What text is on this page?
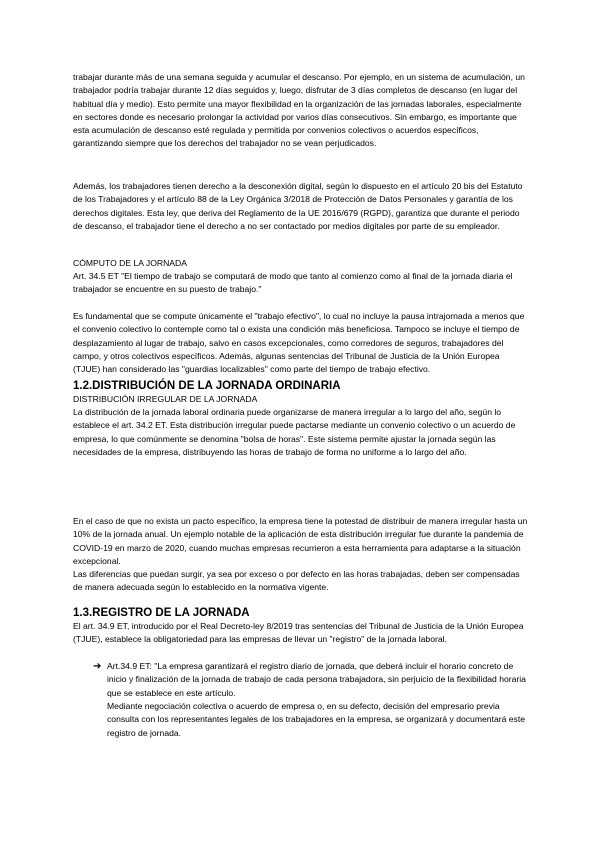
trabajar durante más de una semana seguida y acumular el descanso. Por ejemplo, en un sistema de acumulación, un trabajador podría trabajar durante 12 días seguidos y, luego, disfrutar de 3 días completos de descanso (en lugar del habitual día y medio). Esto permite una mayor flexibilidad en la organización de las jornadas laborales, especialmente en sectores donde es necesario prolongar la actividad por varios días consecutivos. Sin embargo, es importante que esta acumulación de descanso esté regulada y permitida por convenios colectivos o acuerdos específicos, garantizando siempre que los derechos del trabajador no se vean perjudicados.

Además, los trabajadores tienen derecho a la desconexión digital, según lo dispuesto en el artículo 20 bis del Estatuto de los Trabajadores y el artículo 88 de la Ley Orgánica 3/2018 de Protección de Datos Personales y garantía de los derechos digitales. Esta ley, que deriva del Reglamento de la UE 2016/679 (RGPD), garantiza que durante el periodo de descanso, el trabajador tiene el derecho a no ser contactado por medios digitales por parte de su empleador.

CÓMPUTO DE LA JORNADA

Art. 34.5 ET "El tiempo de trabajo se computará de modo que tanto al comienzo como al final de la jornada diaria el trabajador se encuentre en su puesto de trabajo."

Es fundamental que se compute únicamente el "trabajo efectivo", lo cual no incluye la pausa intrajornada a menos que el convenio colectivo lo contemple como tal o exista una condición más beneficiosa. Tampoco se incluye el tiempo de desplazamiento al lugar de trabajo, salvo en casos excepcionales, como corredores de seguros, trabajadores del campo, y otros colectivos específicos. Además, algunas sentencias del Tribunal de Justicia de la Unión Europea (TJUE) han considerado las "guardias localizables" como parte del tiempo de trabajo efectivo.

1.2.DISTRIBUCIÓN DE LA JORNADA ORDINARIA

DISTRIBUCIÓN IRREGULAR DE LA JORNADA

La distribución de la jornada laboral ordinaria puede organizarse de manera irregular a lo largo del año, según lo establece el art. 34.2 ET. Esta distribución irregular puede pactarse mediante un convenio colectivo o un acuerdo de empresa, lo que comúnmente se denomina "bolsa de horas". Este sistema permite ajustar la jornada según las necesidades de la empresa, distribuyendo las horas de trabajo de forma no uniforme a lo largo del año.

En el caso de que no exista un pacto específico, la empresa tiene la potestad de distribuir de manera irregular hasta un 10% de la jornada anual. Un ejemplo notable de la aplicación de esta distribución irregular fue durante la pandemia de COVID-19 en marzo de 2020, cuando muchas empresas recurrieron a esta herramienta para adaptarse a la situación excepcional.

Las diferencias que puedan surgir, ya sea por exceso o por defecto en las horas trabajadas, deben ser compensadas de manera adecuada según lo establecido en la normativa vigente.

1.3.REGISTRO DE LA JORNADA

El art. 34.9 ET, introducido por el Real Decreto-ley 8/2019 tras sentencias del Tribunal de Justicia de la Unión Europea (TJUE), establece la obligatoriedad para las empresas de llevar un "registro" de la jornada laboral.

➔ Art.34.9 ET: "La empresa garantizará el registro diario de jornada, que deberá incluir el horario concreto de inicio y finalización de la jornada de trabajo de cada persona trabajadora, sin perjuicio de la flexibilidad horaria que se establece en este artículo.

Mediante negociación colectiva o acuerdo de empresa o, en su defecto, decisión del empresario previa consulta con los representantes legales de los trabajadores en la empresa, se organizará y documentará este registro de jornada.
